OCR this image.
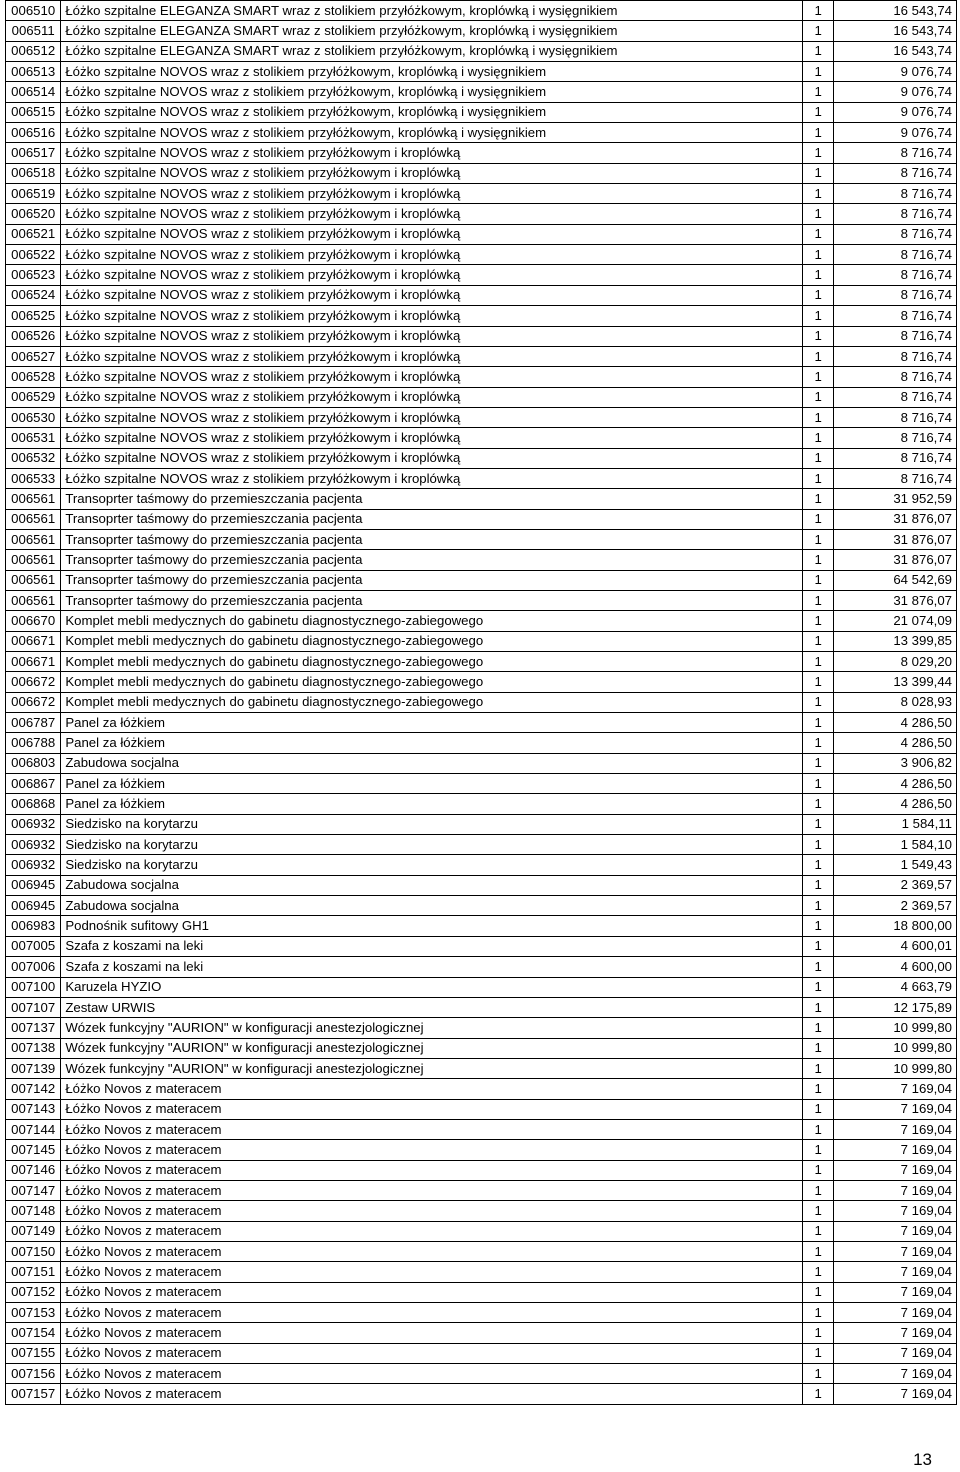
006510	Łóżko szpitalne ELEGANZA SMART wraz z stolikiem przyłóżkowym, kroplówką i wysięgnikiem	1	16 543,74
006511	Łóżko szpitalne ELEGANZA SMART wraz z stolikiem przyłóżkowym, kroplówką i wysięgnikiem	1	16 543,74
006512	Łóżko szpitalne ELEGANZA SMART wraz z stolikiem przyłóżkowym, kroplówką i wysięgnikiem	1	16 543,74
006513	Łóżko szpitalne NOVOS wraz z stolikiem przyłóżkowym, kroplówką i wysięgnikiem	1	9 076,74
006514	Łóżko szpitalne NOVOS wraz z stolikiem przyłóżkowym, kroplówką i wysięgnikiem	1	9 076,74
006515	Łóżko szpitalne NOVOS wraz z stolikiem przyłóżkowym, kroplówką i wysięgnikiem	1	9 076,74
006516	Łóżko szpitalne NOVOS wraz z stolikiem przyłóżkowym, kroplówką i wysięgnikiem	1	9 076,74
006517	Łóżko szpitalne NOVOS wraz z stolikiem przyłóżkowym i kroplówką	1	8 716,74
006518	Łóżko szpitalne NOVOS wraz z stolikiem przyłóżkowym i kroplówką	1	8 716,74
006519	Łóżko szpitalne NOVOS wraz z stolikiem przyłóżkowym i kroplówką	1	8 716,74
006520	Łóżko szpitalne NOVOS wraz z stolikiem przyłóżkowym i kroplówką	1	8 716,74
006521	Łóżko szpitalne NOVOS wraz z stolikiem przyłóżkowym i kroplówką	1	8 716,74
006522	Łóżko szpitalne NOVOS wraz z stolikiem przyłóżkowym i kroplówką	1	8 716,74
006523	Łóżko szpitalne NOVOS wraz z stolikiem przyłóżkowym i kroplówką	1	8 716,74
006524	Łóżko szpitalne NOVOS wraz z stolikiem przyłóżkowym i kroplówką	1	8 716,74
006525	Łóżko szpitalne NOVOS wraz z stolikiem przyłóżkowym i kroplówką	1	8 716,74
006526	Łóżko szpitalne NOVOS wraz z stolikiem przyłóżkowym i kroplówką	1	8 716,74
006527	Łóżko szpitalne NOVOS wraz z stolikiem przyłóżkowym i kroplówką	1	8 716,74
006528	Łóżko szpitalne NOVOS wraz z stolikiem przyłóżkowym i kroplówką	1	8 716,74
006529	Łóżko szpitalne NOVOS wraz z stolikiem przyłóżkowym i kroplówką	1	8 716,74
006530	Łóżko szpitalne NOVOS wraz z stolikiem przyłóżkowym i kroplówką	1	8 716,74
006531	Łóżko szpitalne NOVOS wraz z stolikiem przyłóżkowym i kroplówką	1	8 716,74
006532	Łóżko szpitalne NOVOS wraz z stolikiem przyłóżkowym i kroplówką	1	8 716,74
006533	Łóżko szpitalne NOVOS wraz z stolikiem przyłóżkowym i kroplówką	1	8 716,74
006561	Transoprter taśmowy do przemieszczania pacjenta	1	31 952,59
006561	Transoprter taśmowy do przemieszczania pacjenta	1	31 876,07
006561	Transoprter taśmowy do przemieszczania pacjenta	1	31 876,07
006561	Transoprter taśmowy do przemieszczania pacjenta	1	31 876,07
006561	Transoprter taśmowy do przemieszczania pacjenta	1	64 542,69
006561	Transoprter taśmowy do przemieszczania pacjenta	1	31 876,07
006670	Komplet mebli medycznych do gabinetu diagnostycznego-zabiegowego	1	21 074,09
006671	Komplet mebli medycznych do gabinetu diagnostycznego-zabiegowego	1	13 399,85
006671	Komplet mebli medycznych do gabinetu diagnostycznego-zabiegowego	1	8 029,20
006672	Komplet mebli medycznych do gabinetu diagnostycznego-zabiegowego	1	13 399,44
006672	Komplet mebli medycznych do gabinetu diagnostycznego-zabiegowego	1	8 028,93
006787	Panel za łóżkiem	1	4 286,50
006788	Panel za łóżkiem	1	4 286,50
006803	Zabudowa socjalna	1	3 906,82
006867	Panel za łóżkiem	1	4 286,50
006868	Panel za łóżkiem	1	4 286,50
006932	Siedzisko na korytarzu	1	1 584,11
006932	Siedzisko na korytarzu	1	1 584,10
006932	Siedzisko na korytarzu	1	1 549,43
006945	Zabudowa socjalna	1	2 369,57
006945	Zabudowa socjalna	1	2 369,57
006983	Podnośnik sufitowy GH1	1	18 800,00
007005	Szafa z koszami na leki	1	4 600,01
007006	Szafa z koszami na leki	1	4 600,00
007100	Karuzela HYZIO	1	4 663,79
007107	Zestaw URWIS	1	12 175,89
007137	Wózek funkcyjny "AURION" w konfiguracji anestezjologicznej	1	10 999,80
007138	Wózek funkcyjny "AURION" w konfiguracji anestezjologicznej	1	10 999,80
007139	Wózek funkcyjny "AURION" w konfiguracji anestezjologicznej	1	10 999,80
007142	Łóżko Novos z materacem	1	7 169,04
007143	Łóżko Novos z materacem	1	7 169,04
007144	Łóżko Novos z materacem	1	7 169,04
007145	Łóżko Novos z materacem	1	7 169,04
007146	Łóżko Novos z materacem	1	7 169,04
007147	Łóżko Novos z materacem	1	7 169,04
007148	Łóżko Novos z materacem	1	7 169,04
007149	Łóżko Novos z materacem	1	7 169,04
007150	Łóżko Novos z materacem	1	7 169,04
007151	Łóżko Novos z materacem	1	7 169,04
007152	Łóżko Novos z materacem	1	7 169,04
007153	Łóżko Novos z materacem	1	7 169,04
007154	Łóżko Novos z materacem	1	7 169,04
007155	Łóżko Novos z materacem	1	7 169,04
007156	Łóżko Novos z materacem	1	7 169,04
007157	Łóżko Novos z materacem	1	7 169,04
13
